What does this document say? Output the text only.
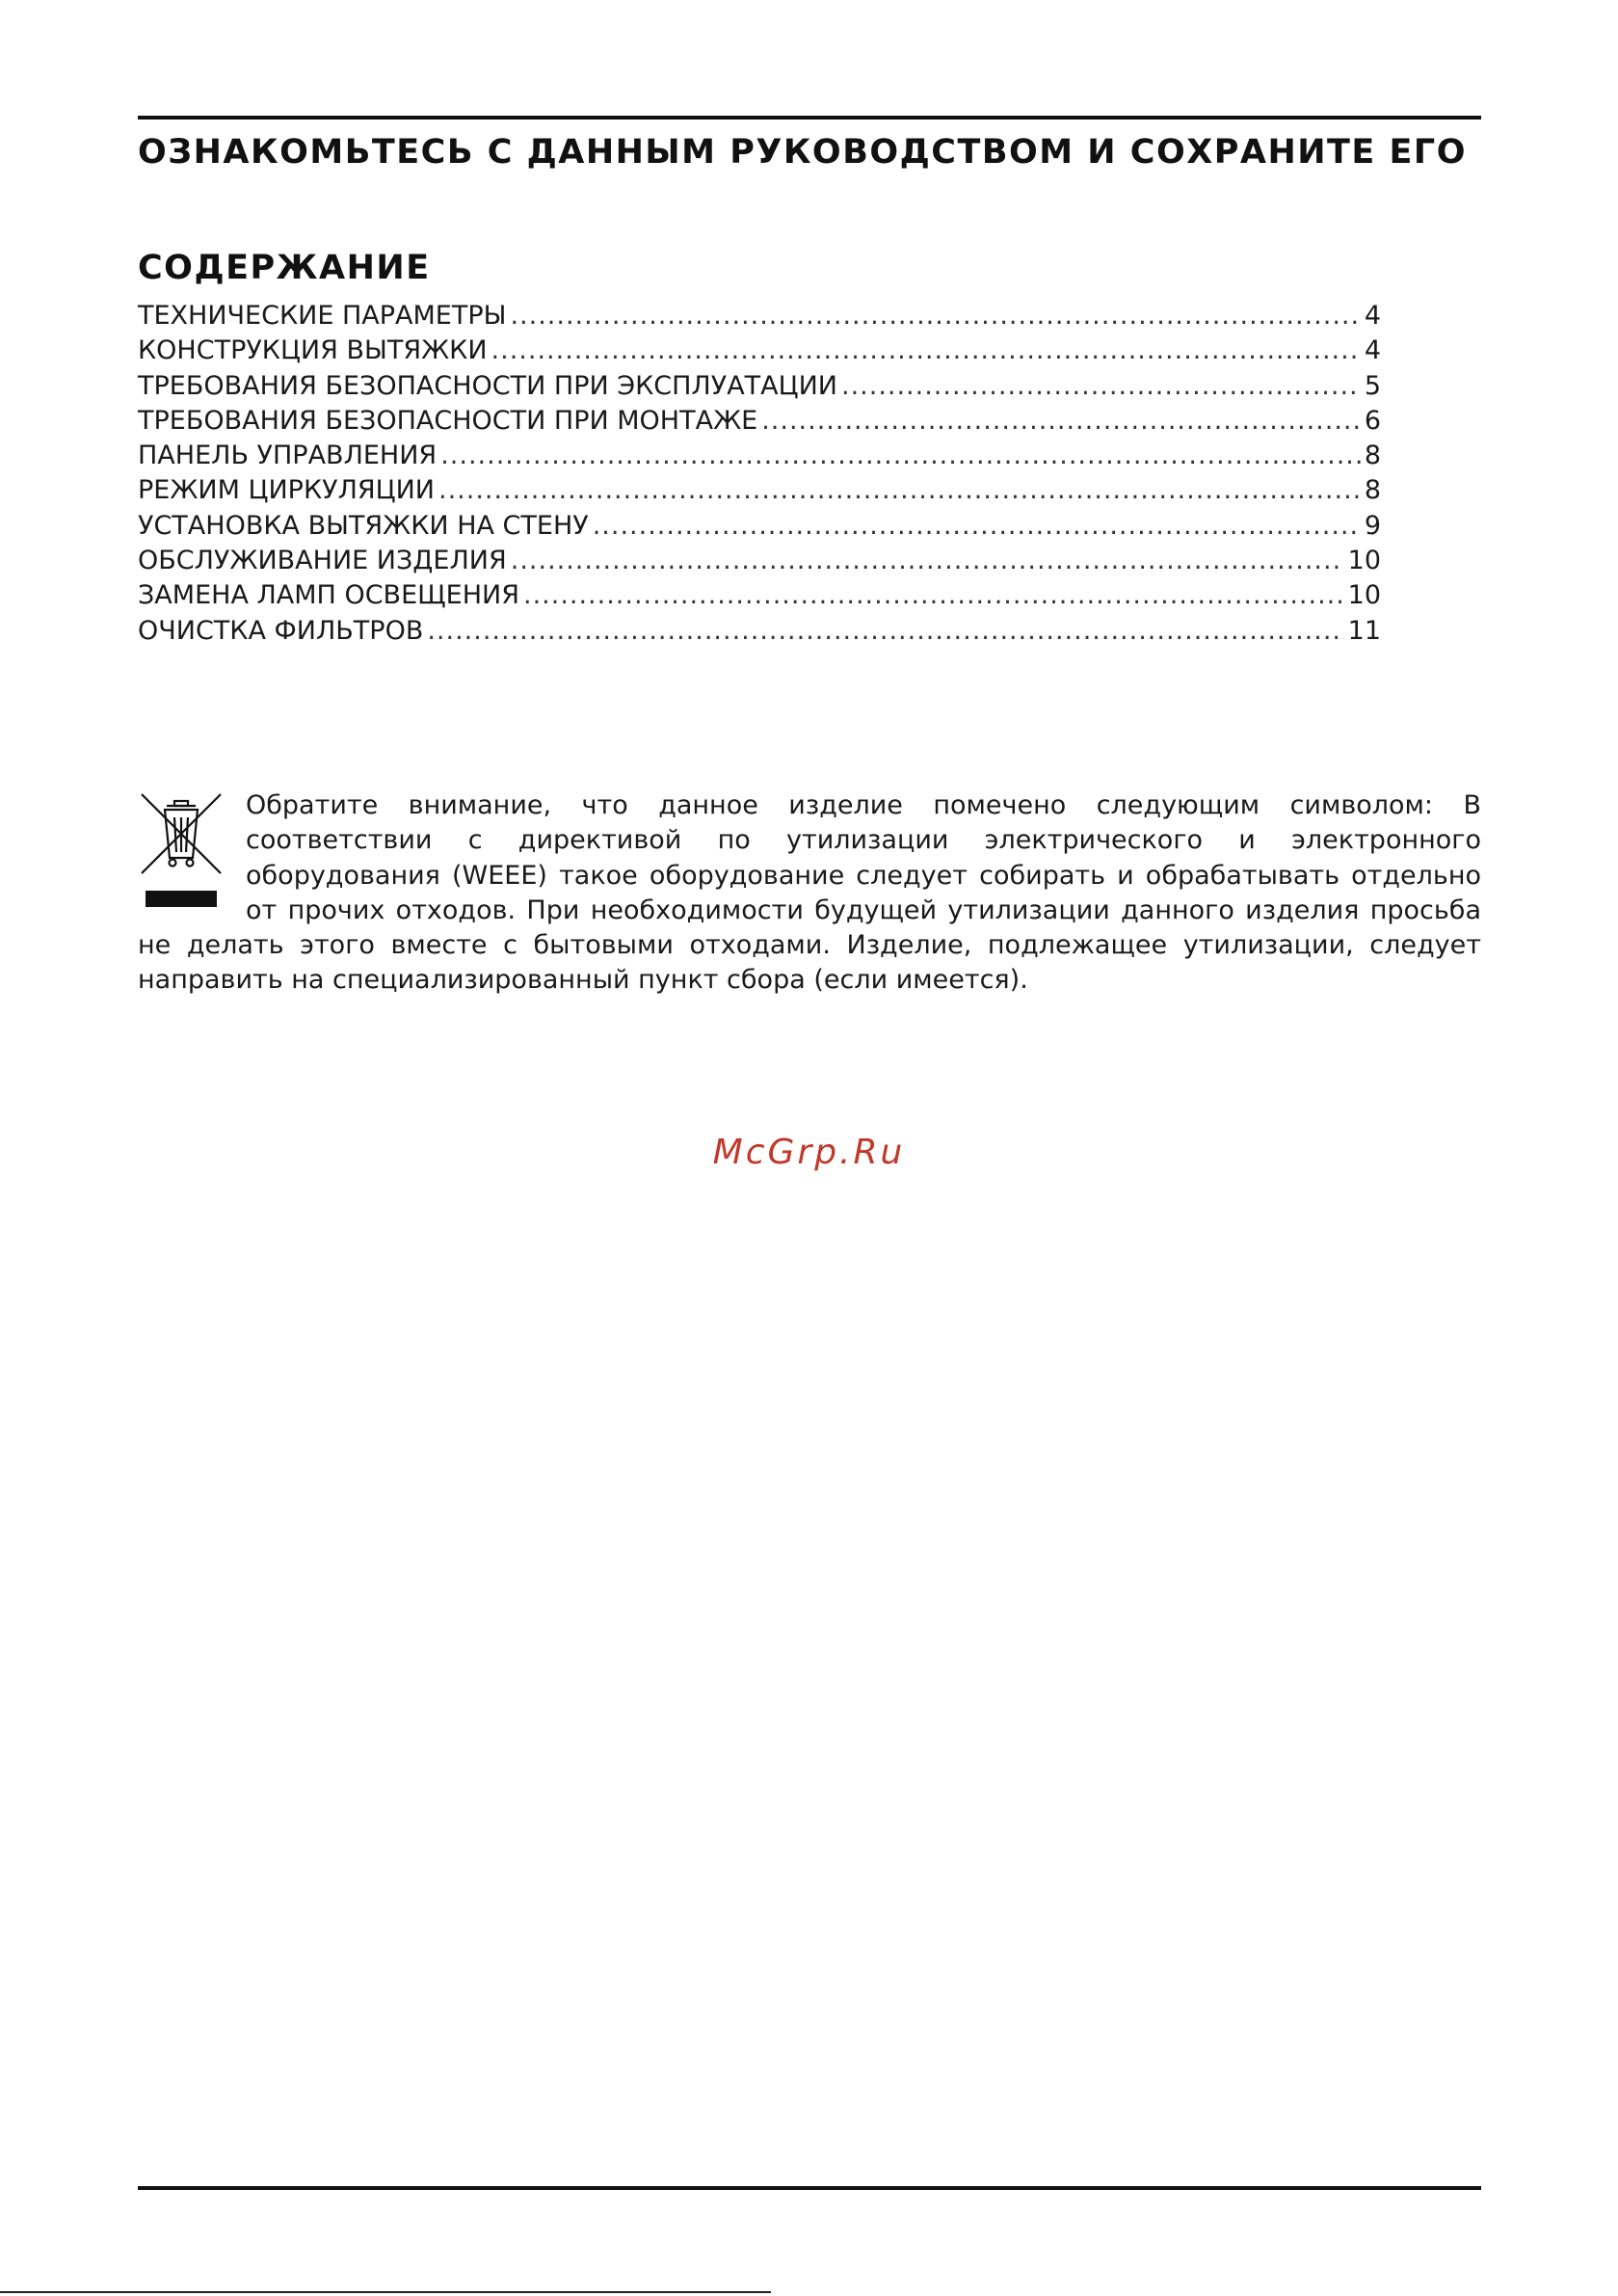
ОЗНАКОМЬТЕСЬ С ДАННЫМ РУКОВОДСТВОМ И СОХРАНИТЕ ЕГО
СОДЕРЖАНИЕ
ТЕХНИЧЕСКИЕ ПАРАМЕТРЫ .....	4
КОНСТРУКЦИЯ ВЫТЯЖКИ .....	4
ТРЕБОВАНИЯ БЕЗОПАСНОСТИ ПРИ ЭКСПЛУАТАЦИИ .....	5
ТРЕБОВАНИЯ БЕЗОПАСНОСТИ ПРИ МОНТАЖЕ .....	6
ПАНЕЛЬ УПРАВЛЕНИЯ .....	8
РЕЖИМ ЦИРКУЛЯЦИИ .....	8
УСТАНОВКА ВЫТЯЖКИ НА СТЕНУ .....	9
ОБСЛУЖИВАНИЕ ИЗДЕЛИЯ .....	10
ЗАМЕНА ЛАМП ОСВЕЩЕНИЯ .....	10
ОЧИСТКА ФИЛЬТРОВ .....	11
Обратите внимание, что данное изделие помечено следующим символом: В соответствии с директивой по утилизации электрического и электронного оборудования (WEEE) такое оборудование следует собирать и обрабатывать отдельно от прочих отходов. При необходимости будущей утилизации данного изделия просьба не делать этого вместе с бытовыми отходами. Изделие, подлежащее утилизации, следует направить на специализированный пункт сбора (если имеется).
McGrp.Ru
